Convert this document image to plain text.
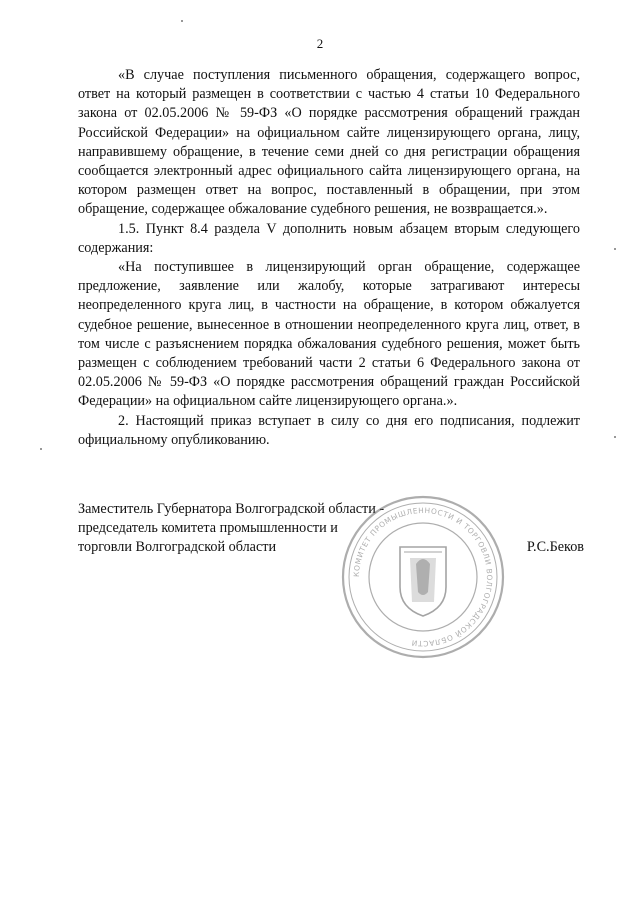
2

«В случае поступления письменного обращения, содержащего вопрос, ответ на который размещен в соответствии с частью 4 статьи 10 Федерального закона от 02.05.2006 № 59-ФЗ «О порядке рассмотрения обращений граждан Российской Федерации» на официальном сайте лицензирующего органа, лицу, направившему обращение, в течение семи дней со дня регистрации обращения сообщается электронный адрес официального сайта лицензирующего органа, на котором размещен ответ на вопрос, поставленный в обращении, при этом обращение, содержащее обжалование судебного решения, не возвращается.».

1.5. Пункт 8.4 раздела V дополнить новым абзацем вторым следующего содержания:

«На поступившее в лицензирующий орган обращение, содержащее предложение, заявление или жалобу, которые затрагивают интересы неопределенного круга лиц, в частности на обращение, в котором обжалуется судебное решение, вынесенное в отношении неопределенного круга лиц, ответ, в том числе с разъяснением порядка обжалования судебного решения, может быть размещен с соблюдением требований части 2 статьи 6 Федерального закона от 02.05.2006 № 59-ФЗ «О порядке рассмотрения обращений граждан Российской Федерации» на официальном сайте лицензирующего органа.».

2. Настоящий приказ вступает в силу со дня его подписания, подлежит официальному опубликованию.

Заместитель Губернатора Волгоградской области -
председатель комитета промышленности и
торговли Волгоградской области	Р.С.Беков
КОМИТЕТ ПРОМЫШЛЕННОСТИ И ТОРГОВЛИ ВОЛГОГРАДСКОЙ ОБЛАСТИ
